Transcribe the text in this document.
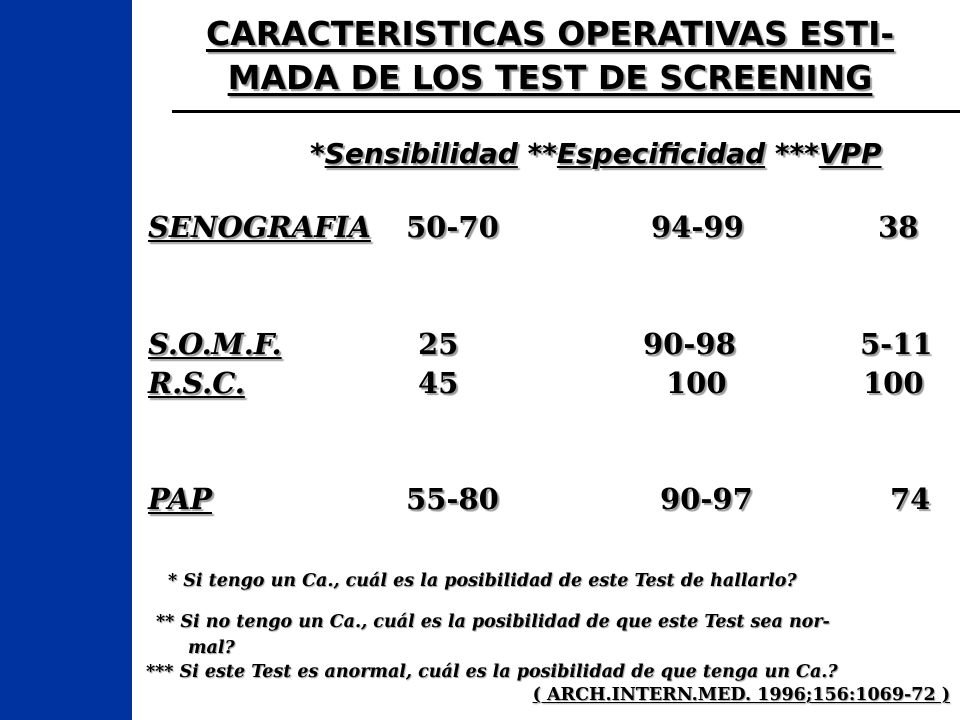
CARACTERISTICAS OPERATIVAS ESTI-
MADA DE LOS TEST DE SCREENING
*Sensibilidad **Especificidad ***VPP
SENOGRAFIA 50-70	94-99	38
S.O.M.F.	25	90-98	5-11
R.S.C.	45	100	100
PAP	55-80	90-97	74
* Si tengo un Ca., cuál es la posibilidad de este Test de hallarlo?
** Si no tengo un Ca., cuál es la posibilidad de que este Test sea nor-
mal?
*** Si este Test es anormal, cuál es la posibilidad de que tenga un Ca.?
( ARCH.INTERN.MED. 1996;156:1069-72 )
